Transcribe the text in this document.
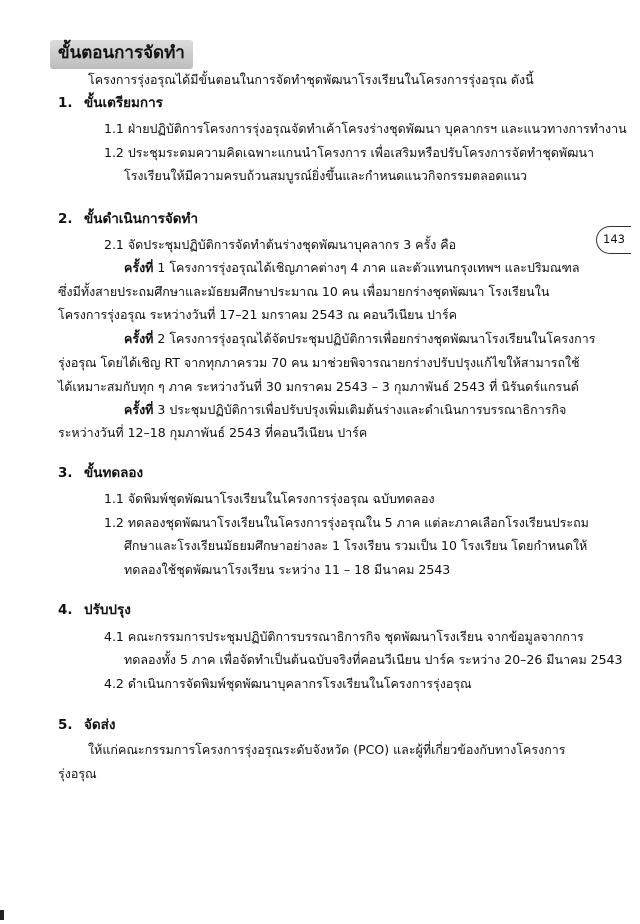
ขั้นตอนการจัดทำ
โครงการรุ่งอรุณได้มีขั้นตอนในการจัดทำชุดพัฒนาโรงเรียนในโครงการรุ่งอรุณ ดังนี้
1. ขั้นเตรียมการ
1.1 ฝ่ายปฏิบัติการโครงการรุ่งอรุณจัดทำเค้าโครงร่างชุดพัฒนา บุคลากรฯ และแนวทางการทำงาน
1.2 ประชุมระดมความคิดเฉพาะแกนนำโครงการ เพื่อเสริมหรือปรับโครงการจัดทำชุดพัฒนา
โรงเรียนให้มีความครบถ้วนสมบูรณ์ยิ่งขึ้นและกำหนดแนวกิจกรรมตลอดแนว
2. ขั้นดำเนินการจัดทำ
2.1 จัดประชุมปฏิบัติการจัดทำต้นร่างชุดพัฒนาบุคลากร 3 ครั้ง คือ
ครั้งที่ 1 โครงการรุ่งอรุณได้เชิญภาคต่างๆ 4 ภาค และตัวแทนกรุงเทพฯ และปริมณฑล
ซึ่งมีทั้งสายประถมศึกษาและมัธยมศึกษาประมาณ 10 คน เพื่อมายกร่างชุดพัฒนา โรงเรียนใน
โครงการรุ่งอรุณ ระหว่างวันที่ 17–21 มกราคม 2543 ณ คอนวีเนียน ปาร์ค
ครั้งที่ 2 โครงการรุ่งอรุณได้จัดประชุมปฏิบัติการเพื่อยกร่างชุดพัฒนาโรงเรียนในโครงการ
รุ่งอรุณ โดยได้เชิญ RT จากทุกภาครวม 70 คน มาช่วยพิจารณายกร่างปรับปรุงแก้ไขให้สามารถใช้
ได้เหมาะสมกับทุก ๆ ภาค ระหว่างวันที่ 30 มกราคม 2543 – 3 กุมภาพันธ์ 2543 ที่ นิรันดร์แกรนด์
ครั้งที่ 3 ประชุมปฏิบัติการเพื่อปรับปรุงเพิ่มเติมต้นร่างและดำเนินการบรรณาธิการกิจ
ระหว่างวันที่ 12–18 กุมภาพันธ์ 2543 ที่คอนวีเนียน ปาร์ค
3. ขั้นทดลอง
1.1 จัดพิมพ์ชุดพัฒนาโรงเรียนในโครงการรุ่งอรุณ ฉบับทดลอง
1.2 ทดลองชุดพัฒนาโรงเรียนในโครงการรุ่งอรุณใน 5 ภาค แต่ละภาคเลือกโรงเรียนประถม
ศึกษาและโรงเรียนมัธยมศึกษาอย่างละ 1 โรงเรียน รวมเป็น 10 โรงเรียน โดยกำหนดให้
ทดลองใช้ชุดพัฒนาโรงเรียน ระหว่าง 11 – 18 มีนาคม 2543
4. ปรับปรุง
4.1 คณะกรรมการประชุมปฏิบัติการบรรณาธิการกิจ ชุดพัฒนาโรงเรียน จากข้อมูลจากการ
ทดลองทั้ง 5 ภาค เพื่อจัดทำเป็นต้นฉบับจริงที่คอนวีเนียน ปาร์ค ระหว่าง 20–26 มีนาคม 2543
4.2 ดำเนินการจัดพิมพ์ชุดพัฒนาบุคลากรโรงเรียนในโครงการรุ่งอรุณ
5. จัดส่ง
ให้แก่คณะกรรมการโครงการรุ่งอรุณระดับจังหวัด (PCO) และผู้ที่เกี่ยวข้องกับทางโครงการ
รุ่งอรุณ
143
